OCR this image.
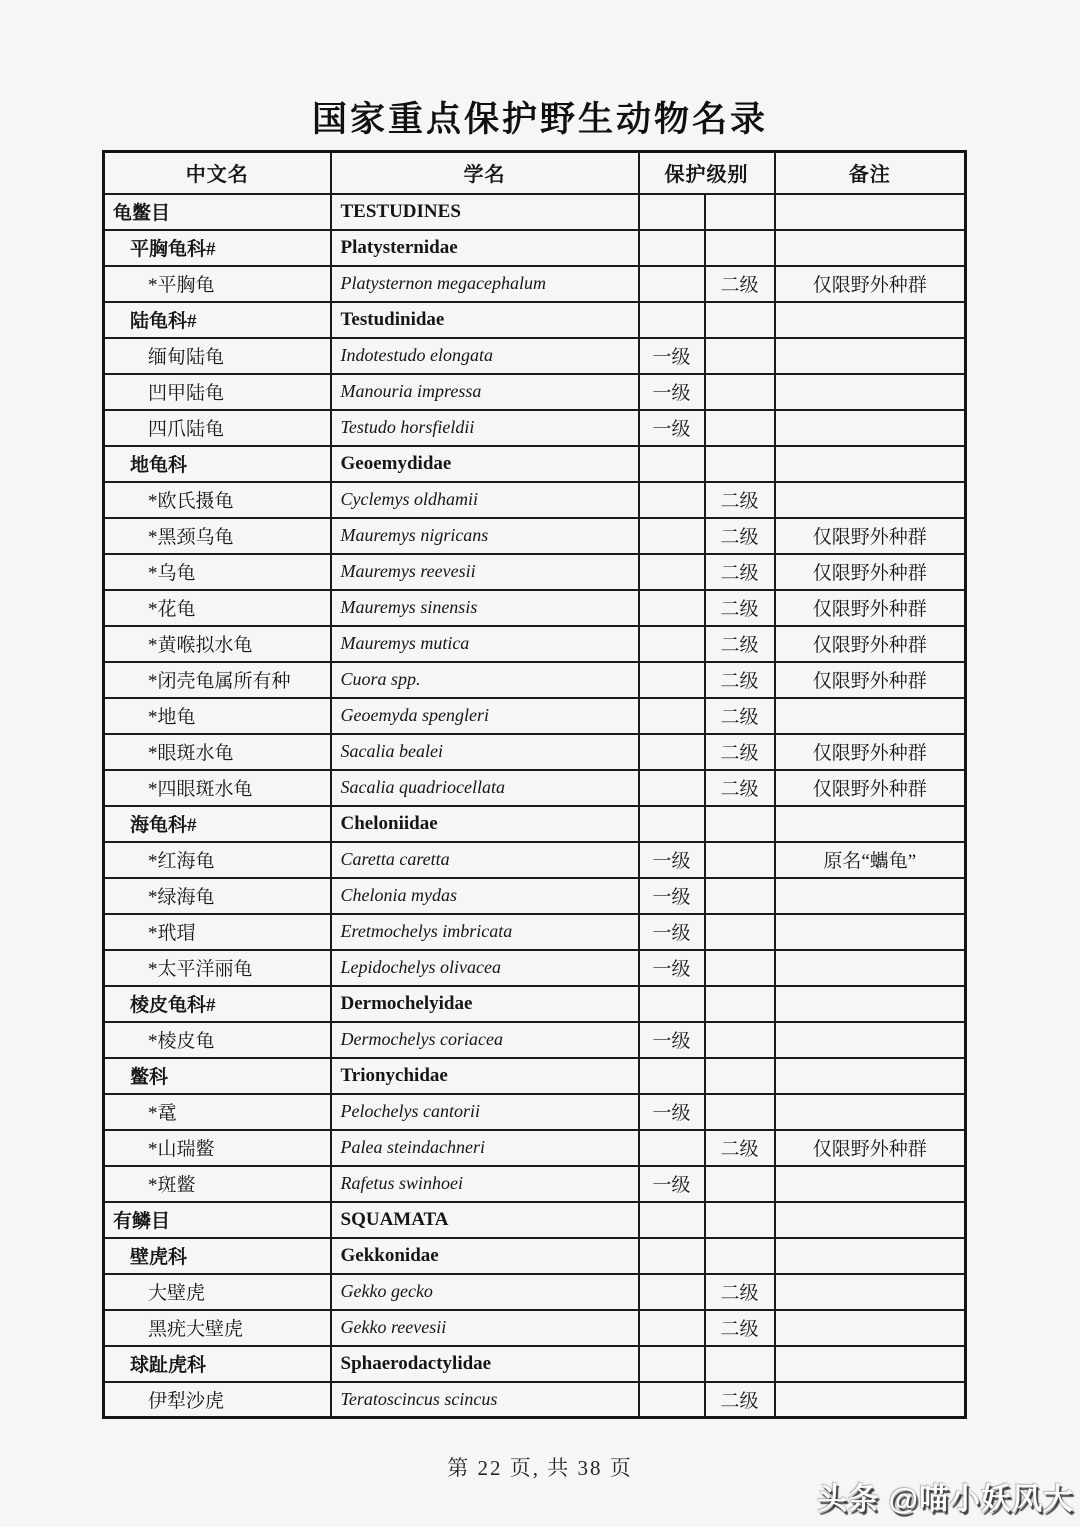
国家重点保护野生动物名录
中文名	学名	保护级别		备注
龟鳖目	TESTUDINES			
平胸龟科#	Platysternidae			
*平胸龟	Platysternon megacephalum		二级	仅限野外种群
陆龟科#	Testudinidae			
缅甸陆龟	Indotestudo elongata	一级		
凹甲陆龟	Manouria impressa	一级		
四爪陆龟	Testudo horsfieldii	一级		
地龟科	Geoemydidae			
*欧氏摄龟	Cyclemys oldhamii		二级	
*黑颈乌龟	Mauremys nigricans		二级	仅限野外种群
*乌龟	Mauremys reevesii		二级	仅限野外种群
*花龟	Mauremys sinensis		二级	仅限野外种群
*黄喉拟水龟	Mauremys mutica		二级	仅限野外种群
*闭壳龟属所有种	Cuora spp.		二级	仅限野外种群
*地龟	Geoemyda spengleri		二级	
*眼斑水龟	Sacalia bealei		二级	仅限野外种群
*四眼斑水龟	Sacalia quadriocellata		二级	仅限野外种群
海龟科#	Cheloniidae			
*红海龟	Caretta caretta	一级		原名“蠵龟”
*绿海龟	Chelonia mydas	一级		
*玳瑁	Eretmochelys imbricata	一级		
*太平洋丽龟	Lepidochelys olivacea	一级		
棱皮龟科#	Dermochelyidae			
*棱皮龟	Dermochelys coriacea	一级		
鳖科	Trionychidae			
*鼋	Pelochelys cantorii	一级		
*山瑞鳖	Palea steindachneri		二级	仅限野外种群
*斑鳖	Rafetus swinhoei	一级		
有鳞目	SQUAMATA			
壁虎科	Gekkonidae			
大壁虎	Gekko gecko		二级	
黑疣大壁虎	Gekko reevesii		二级	
球趾虎科	Sphaerodactylidae			
伊犁沙虎	Teratoscincus scincus		二级	
第 22 页, 共 38 页
头条 @喵小妖风大
